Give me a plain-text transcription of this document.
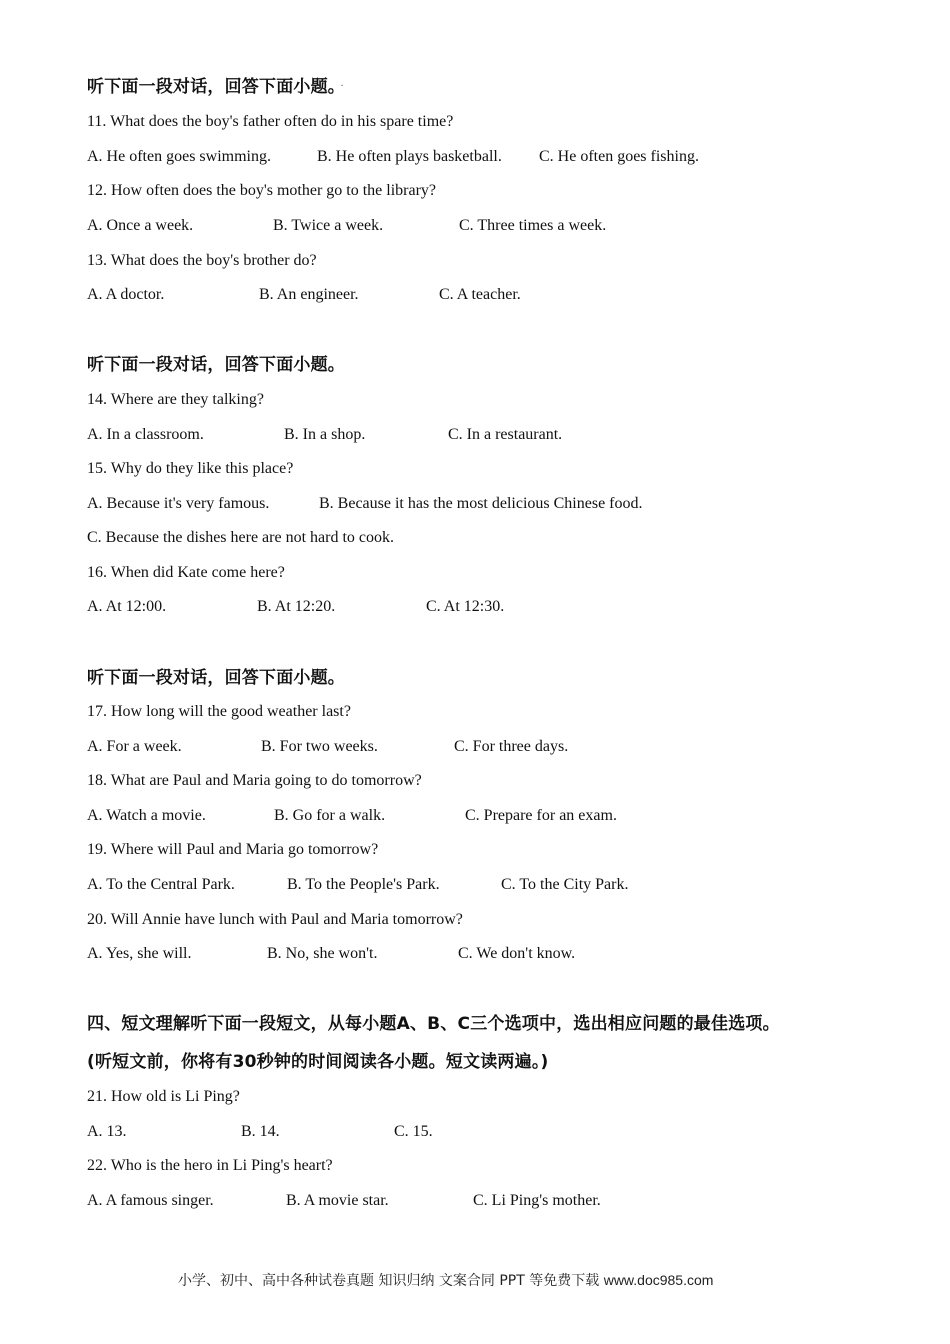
听下面一段对话，回答下面小题。 ·
11. What does the boy's father often do in his spare time?
A. He often goes swimming.	B. He often plays basketball. C. He often goes fishing.
12. How often does the boy's mother go to the library?
A. Once a week.	B. Twice a week.	C. Three times a week.
13. What does the boy's brother do?
A. A doctor.	B. An engineer.	C. A teacher.
听下面一段对话，回答下面小题。
14. Where are they talking?
A. In a classroom.	B. In a shop.	C. In a restaurant.
15. Why do they like this place?
A. Because it's very famous.	B. Because it has the most delicious Chinese food.
C. Because the dishes here are not hard to cook.
16. When did Kate come here?
A. At 12:00.	B. At 12:20.	C. At 12:30.
听下面一段对话，回答下面小题。
17. How long will the good weather last?
A. For a week.	B. For two weeks.	C. For three days.
18. What are Paul and Maria going to do tomorrow?
A. Watch a movie.	B. Go for a walk.	C. Prepare for an exam.
19. Where will Paul and Maria go tomorrow?
A. To the Central Park.	B. To the People's Park.	C. To the City Park.
20. Will Annie have lunch with Paul and Maria tomorrow?
A. Yes, she will.	B. No, she won't.	C. We don't know.
四、短文理解听下面一段短文，从每小题A、B、C三个选项中，选出相应问题的最佳选项。
(听短文前，你将有30秒钟的时间阅读各小题。短文读两遍。)
21. How old is Li Ping?
A. 13.	B. 14.	C. 15.
22. Who is the hero in Li Ping's heart?
A. A famous singer.	B. A movie star.	C. Li Ping's mother.
小学、初中、高中各种试卷真题 知识归纳 文案合同 PPT 等免费下载 www.doc985.com
